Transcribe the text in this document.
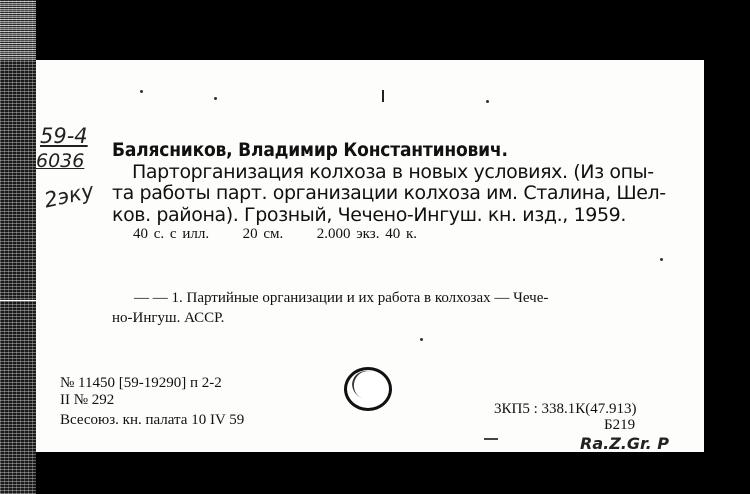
59-4
6036
2эку
Балясников, Владимир Константинович.
Парторганизация колхоза в новых условиях. (Из опы-
та работы парт. организации колхоза им. Сталина, Шел-
ков. района). Грозный, Чечено-Ингуш. кн. изд., 1959.
40 с. с илл. 20 см. 2.000 экз. 40 к.
— — 1. Партийные организации и их работа в колхозах — Чече-
но-Ингуш. АССР.
№ 11450 [59-19290] п 2-2
II № 292
Всесоюз. кн. палата 10 IV 59
3КП5 : 338.1К(47.913)
Б219
Ra.Z.Gr. Р
